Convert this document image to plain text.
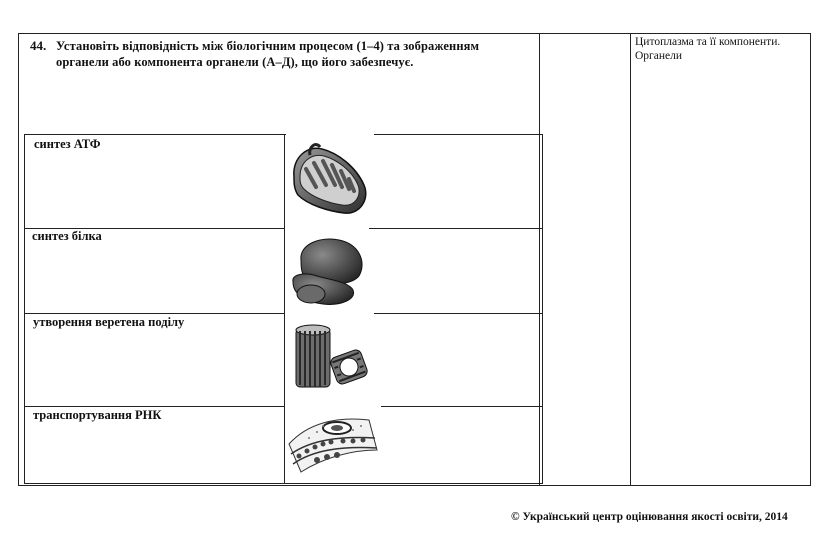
44. Установіть відповідність між біологічним процесом (1–4) та зображенням
органели або компонента органели (А–Д), що його забезпечує.
Цитоплазма та її компоненти.
Органели
синтез АТФ
синтез білка
утворення веретена поділу
транспортування РНК
© Український центр оцінювання якості освіти, 2014
